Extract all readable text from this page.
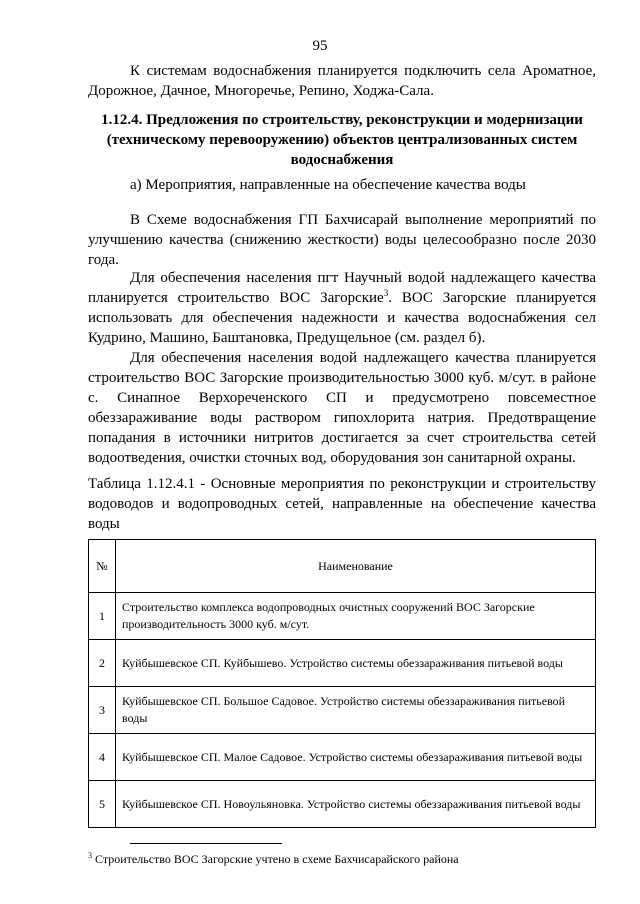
95

К системам водоснабжения планируется подключить села Ароматное, Дорожное, Дачное, Многоречье, Репино, Ходжа-Сала.

1.12.4. Предложения по строительству, реконструкции и модернизации (техническому перевооружению) объектов централизованных систем водоснабжения

а) Мероприятия, направленные на обеспечение качества воды

В Схеме водоснабжения ГП Бахчисарай выполнение мероприятий по улучшению качества (снижению жесткости) воды целесообразно после 2030 года.

Для обеспечения населения пгт Научный водой надлежащего качества планируется строительство ВОС Загорские$^3$. ВОС Загорские планируется использовать для обеспечения надежности и качества водоснабжения сел Кудрино, Машино, Баштановка, Предущельное (см. раздел б).

Для обеспечения населения водой надлежащего качества планируется строительство ВОС Загорские производительностью 3000 куб. м/сут. в районе с. Синапное Верхореченского СП и предусмотрено повсеместное обеззараживание воды раствором гипохлорита натрия. Предотвращение попадания в источники нитритов достигается за счет строительства сетей водоотведения, очистки сточных вод, оборудования зон санитарной охраны.

Таблица 1.12.4.1 - Основные мероприятия по реконструкции и строительству водоводов и водопроводных сетей, направленные на обеспечение качества воды

№	Наименование
1	Строительство комплекса водопроводных очистных сооружений ВОС Загорские производительность 3000 куб. м/сут.
2	Куйбышевское СП. Куйбышево. Устройство системы обеззараживания питьевой воды
3	Куйбышевское СП. Большое Садовое. Устройство системы обеззараживания питьевой воды
4	Куйбышевское СП. Малое Садовое. Устройство системы обеззараживания питьевой воды
5	Куйбышевское СП. Новоульяновка. Устройство системы обеззараживания питьевой воды
$^3$ Строительство ВОС Загорские учтено в схеме Бахчисарайского района
